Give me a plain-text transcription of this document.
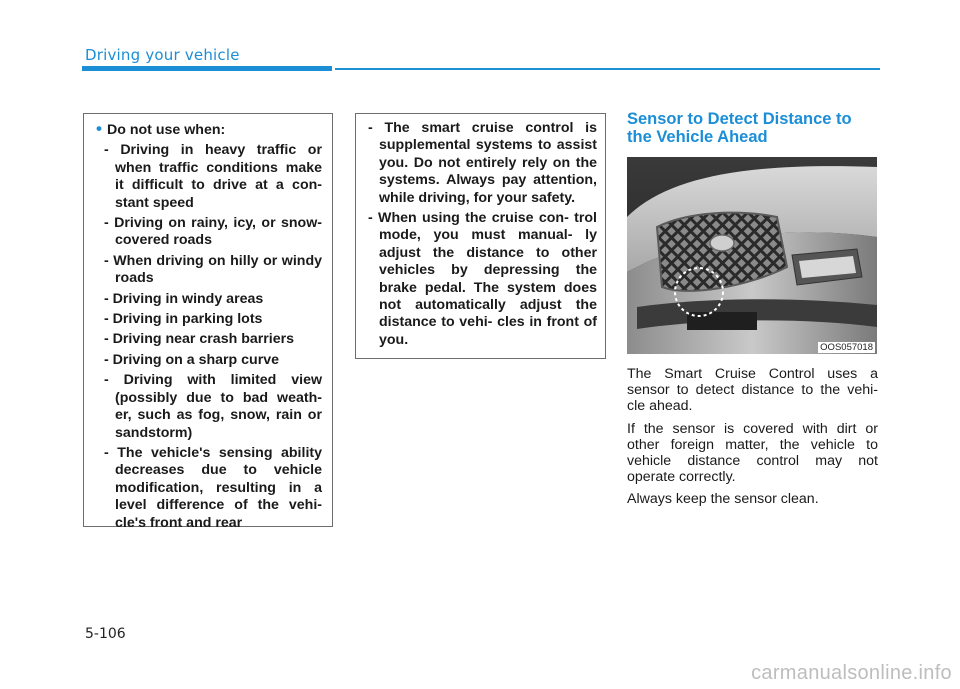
Driving your vehicle
• Do not use when:
- Driving in heavy traffic or when traffic conditions make it difficult to drive at a con- stant speed
- Driving on rainy, icy, or snow-covered roads
- When driving on hilly or windy roads
- Driving in windy areas
- Driving in parking lots
- Driving near crash barriers
- Driving on a sharp curve
- Driving with limited view (possibly due to bad weath- er, such as fog, snow, rain or sandstorm)
- The vehicle's sensing ability decreases due to vehicle modification, resulting in a level difference of the vehi- cle's front and rear
- The smart cruise control is supplemental systems to assist you. Do not entirely rely on the systems. Always pay attention, while driving, for your safety.
- When using the cruise con- trol mode, you must manual- ly adjust the distance to other vehicles by depressing the brake pedal. The system does not automatically adjust the distance to vehi- cles in front of you.
Sensor to Detect Distance to the Vehicle Ahead
OOS057018

The Smart Cruise Control uses a sensor to detect distance to the vehi- cle ahead.

If the sensor is covered with dirt or other foreign matter, the vehicle to vehicle distance control may not operate correctly.

Always keep the sensor clean.

5-106
carmanualsonline.info
